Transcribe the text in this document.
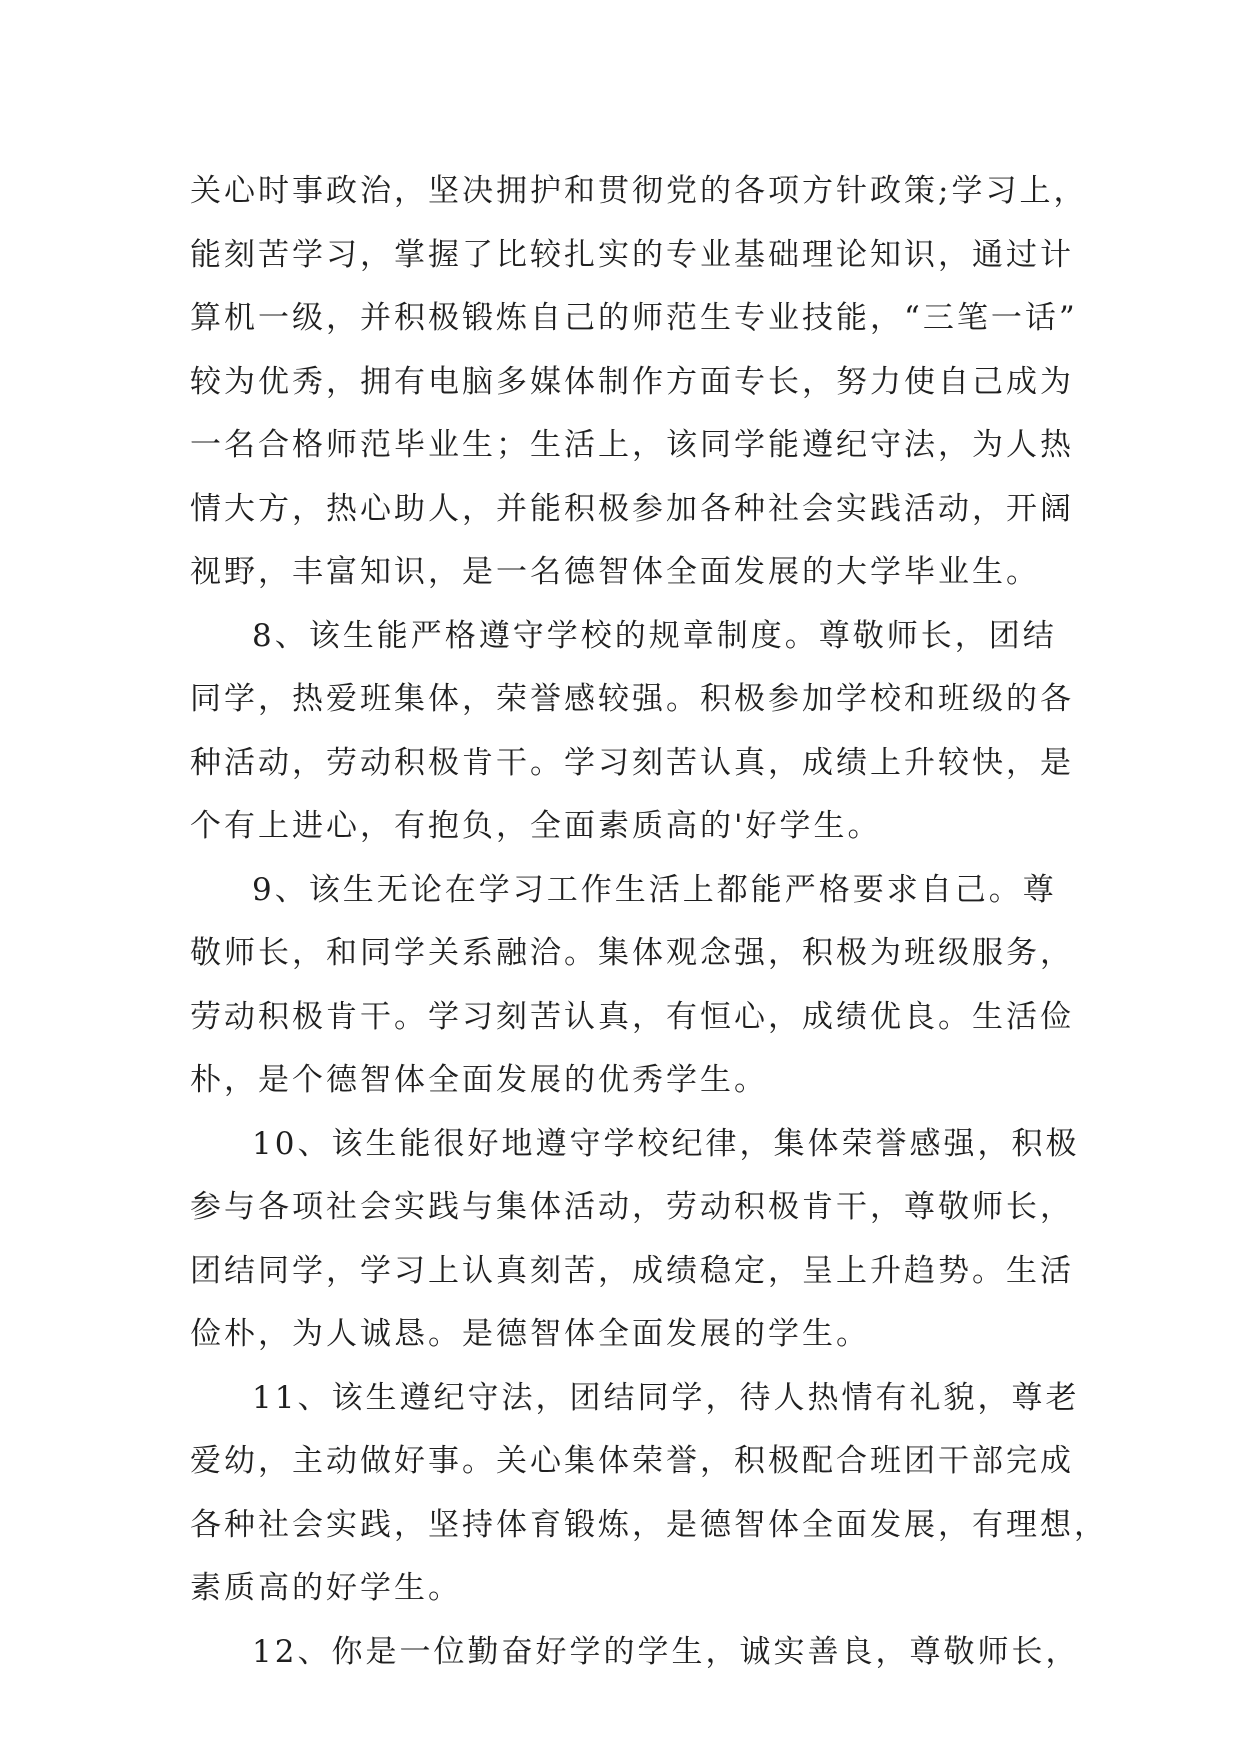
关心时事政治，坚决拥护和贯彻党的各项方针政策;学习上，
能刻苦学习，掌握了比较扎实的专业基础理论知识，通过计
算机一级，并积极锻炼自己的师范生专业技能，“三笔一话”
较为优秀，拥有电脑多媒体制作方面专长，努力使自己成为
一名合格师范毕业生；生活上，该同学能遵纪守法，为人热
情大方，热心助人，并能积极参加各种社会实践活动，开阔
视野，丰富知识，是一名德智体全面发展的大学毕业生。
8、该生能严格遵守学校的规章制度。尊敬师长，团结
同学，热爱班集体，荣誉感较强。积极参加学校和班级的各
种活动，劳动积极肯干。学习刻苦认真，成绩上升较快，是
个有上进心，有抱负，全面素质高的'好学生。
9、该生无论在学习工作生活上都能严格要求自己。尊
敬师长，和同学关系融洽。集体观念强，积极为班级服务，
劳动积极肯干。学习刻苦认真，有恒心，成绩优良。生活俭
朴，是个德智体全面发展的优秀学生。
10、该生能很好地遵守学校纪律，集体荣誉感强，积极
参与各项社会实践与集体活动，劳动积极肯干，尊敬师长，
团结同学，学习上认真刻苦，成绩稳定，呈上升趋势。生活
俭朴，为人诚恳。是德智体全面发展的学生。
11、该生遵纪守法，团结同学，待人热情有礼貌，尊老
爱幼，主动做好事。关心集体荣誉，积极配合班团干部完成
各种社会实践，坚持体育锻炼，是德智体全面发展，有理想，
素质高的好学生。
12、你是一位勤奋好学的学生，诚实善良，尊敬师长，
